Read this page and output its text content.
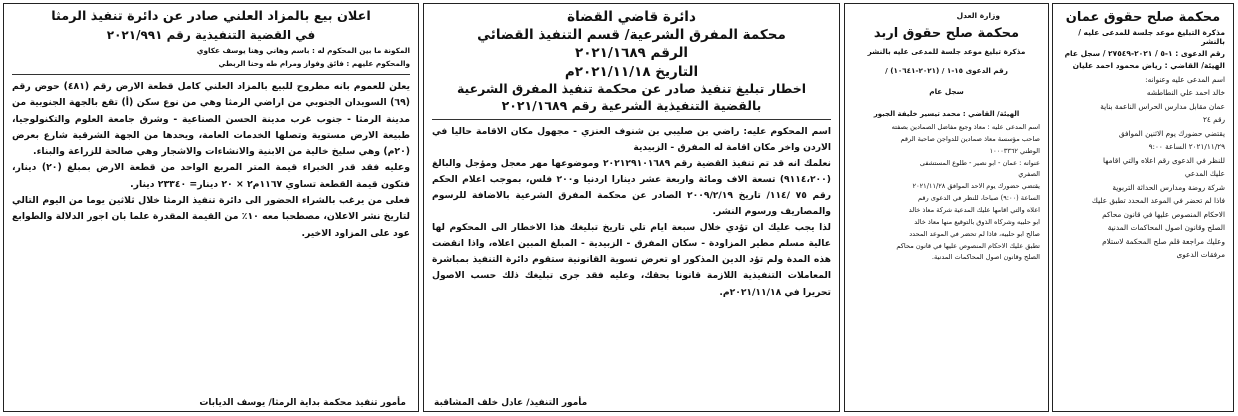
محكمة صلح حقوق عمان
مذكرة التبليغ موعد جلسة للمدعى عليه / بالنشر
رقم الدعوى : ١-٥ / ٢٠٢١-٢٧٥٤٩ / سجل عام
الهيئة/ القاضي : رياض محمود احمد عليان
اسم المدعى عليه وعنوانه:
خالد احمد علي النطاطشه
عمان مقابل مدارس الحراس الناعمة بناية
رقم ٢٤
يقتضي حضورك يوم الاثنين الموافق
٢٠٢١/١١/٢٩ الساعة ٩:٠٠
للنظر في الدعوى رقم اعلاه والتي اقامها
عليك المدعي
شركة روضة ومدارس الحداثة التربوية
فاذا لم تحضر في الموعد المحدد تطبق عليك
الاحكام المنصوص عليها في قانون محاكم
الصلح وقانون اصول المحاكمات المدنية
وعليك مراجعة قلم صلح المحكمة لاستلام
مرفقات الدعوى
وزارة العدل
محكمة صلح حقوق اربد
مذكرة تبليغ موعد جلسة للمدعى عليه بالنشر
رقم الدعوى ١٥-١ / (٢٠٢١-١٠٦٤١) /
سجل عام
الهيئة/ القاضي : محمد تيسير خليفة الجبور
اسم المدعى عليه : معاذ وجيع مفاضل الصمادين بصفته
صاحب مؤسسة معاذ صمادين للدواجن صاحبة الرقم
الوطني ١٠٠٠٣٣٦٢
عنوانه : عمان - ابو نصير - طلوع المستشفى
الصفري
يقتضي حضورك يوم الاحد الموافق ٢٠٢١/١١/٢٨
الساعة (٩:٠٠) صباحا، للنظر في الدعوى رقم
اعلاه والتي اقامها عليك المدعية شركة معاذ خالد
ابو حلبيه وشركاه الذوق بالتوقيع منها معاذ خالد
صالح ابو حلبيه، فاذا لم تحضر في الموعد المحدد
تطبق عليك الاحكام المنصوص عليها في قانون محاكم
الصلح وقانون اصول المحاكمات المدنية.
دائرة قاضي القضاة
محكمة المفرق الشرعية/ قسم التنفيذ القضائي
الرقم ٢٠٢١/١٦٨٩
التاريخ ٢٠٢١/١١/١٨م
اخطار تبليغ تنفيذ صادر عن محكمة تنفيذ المفرق الشرعية
بالقضية التنفيذية الشرعية رقم ٢٠٢١/١٦٨٩

اسم المحكوم عليه: راضي بن صليبي بن شنوف العنزي - مجهول مكان الاقامة حاليا في الاردن واخر مكان اقامة له المفرق - الزبيدية

نعلمك انه قد تم تنفيذ القضية رقم ٢٠٢١٢٩١٠١٦٨٩ وموضوعها مهر معجل ومؤجل والبالغ (٩١١٤،٢٠٠) تسعة الاف ومائة واربعة عشر دينارا اردنيا و٢٠٠ فلس، بموجب اعلام الحكم رقم ٧٥ /١١٤/ تاريخ ٢٠٠٩/٢/١٩ الصادر عن محكمة المفرق الشرعية بالاضافة للرسوم والمصاريف ورسوم النشر.

لذا يجب عليك ان تؤدي خلال سبعة ايام تلي تاريخ تبليغك هذا الاخطار الى المحكوم لها عالية مسلم مطير المزاودة - سكان المفرق - الزبيدية - المبلغ المبين اعلاه، واذا انقضت هذه المدة ولم تؤد الدين المذكور او تعرض تسوية القانونية ستقوم دائرة التنفيذ بمباشرة المعاملات التنفيذية اللازمة قانونا بحقك، وعليه فقد جرى تبليغك ذلك حسب الاصول تحريرا في ٢٠٢١/١١/١٨م.

مأمور التنفيذ/ عادل خلف المشاقبة
اعلان بيع بالمزاد العلني صادر عن دائرة تنفيذ الرمثا
في القضية التنفيذية رقم ٢٠٢١/٩٩١
المكونة ما بين المحكوم له : باسم وهاني وهنا يوسف عكاوي
والمحكوم عليهم : فائق وفواز ومرام طه وحنا الربطي

يعلن للعموم بانه مطروح للبيع بالمزاد العلني كامل قطعة الارض رقم (٤٨١) حوض رقم (٦٩) السويدان الجنوبي من اراضي الرمثا وهي من نوع سكن (أ) تقع بالجهة الجنوبية من مدينة الرمثا - جنوب غرب مدينة الحسن الصناعية - وشرق جامعة العلوم والتكنولوجيا، طبيعة الارض مستوية وتصلها الخدمات العامة، ويحدها من الجهة الشرقية شارع بعرض (٢٠م) وهي سليخ خالية من الابنية والانشاءات والاشجار وهي صالحة للزراعة والبناء.

وعليه فقد قدر الخبراء قيمة المتر المربع الواحد من قطعة الارض بمبلغ (٢٠) دينار، فتكون قيمة القطعة تساوي ١١٦٧م٢ × ٢٠ دينار= ٢٣٣٤٠ دينار.

فعلى من يرغب بالشراء الحضور الى دائرة تنفيذ الرمثا خلال ثلاثين يوما من اليوم التالي لتاريخ نشر الاعلان، مصطحبا معه ١٠٪ من القيمة المقدرة علما بان اجور الدلالة والطوابع عود على المزاود الاخير.

مأمور تنفيذ محكمة بداية الرمثا/ يوسف الديابات
